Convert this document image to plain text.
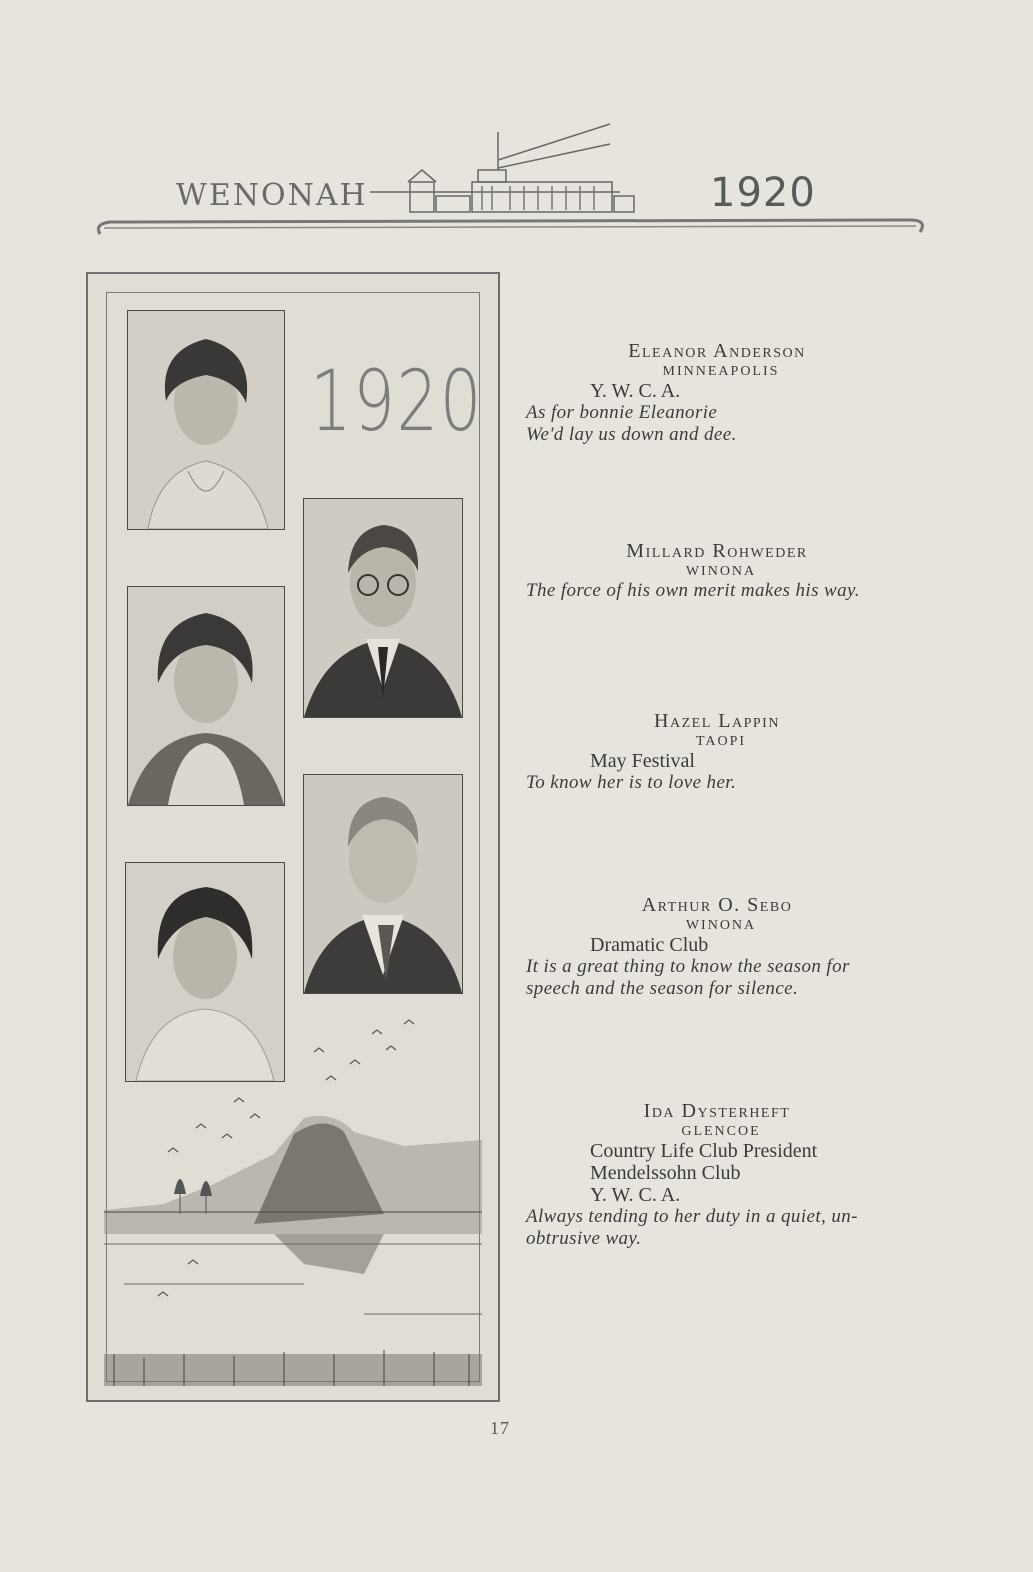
WENONAH	1920
1920
Eleanor Anderson
MINNEAPOLIS
Y. W. C. A.
As for bonnie Eleanorie
We'd lay us down and dee.
Millard Rohweder
WINONA
The force of his own merit makes his way.
Hazel Lappin
TAOPI
May Festival
To know her is to love her.
Arthur O. Sebo
WINONA
Dramatic Club
It is a great thing to know the season for
speech and the season for silence.
Ida Dysterheft
GLENCOE
Country Life Club President
Mendelssohn Club
Y. W. C. A.
Always tending to her duty in a quiet, un-
obtrusive way.
17
